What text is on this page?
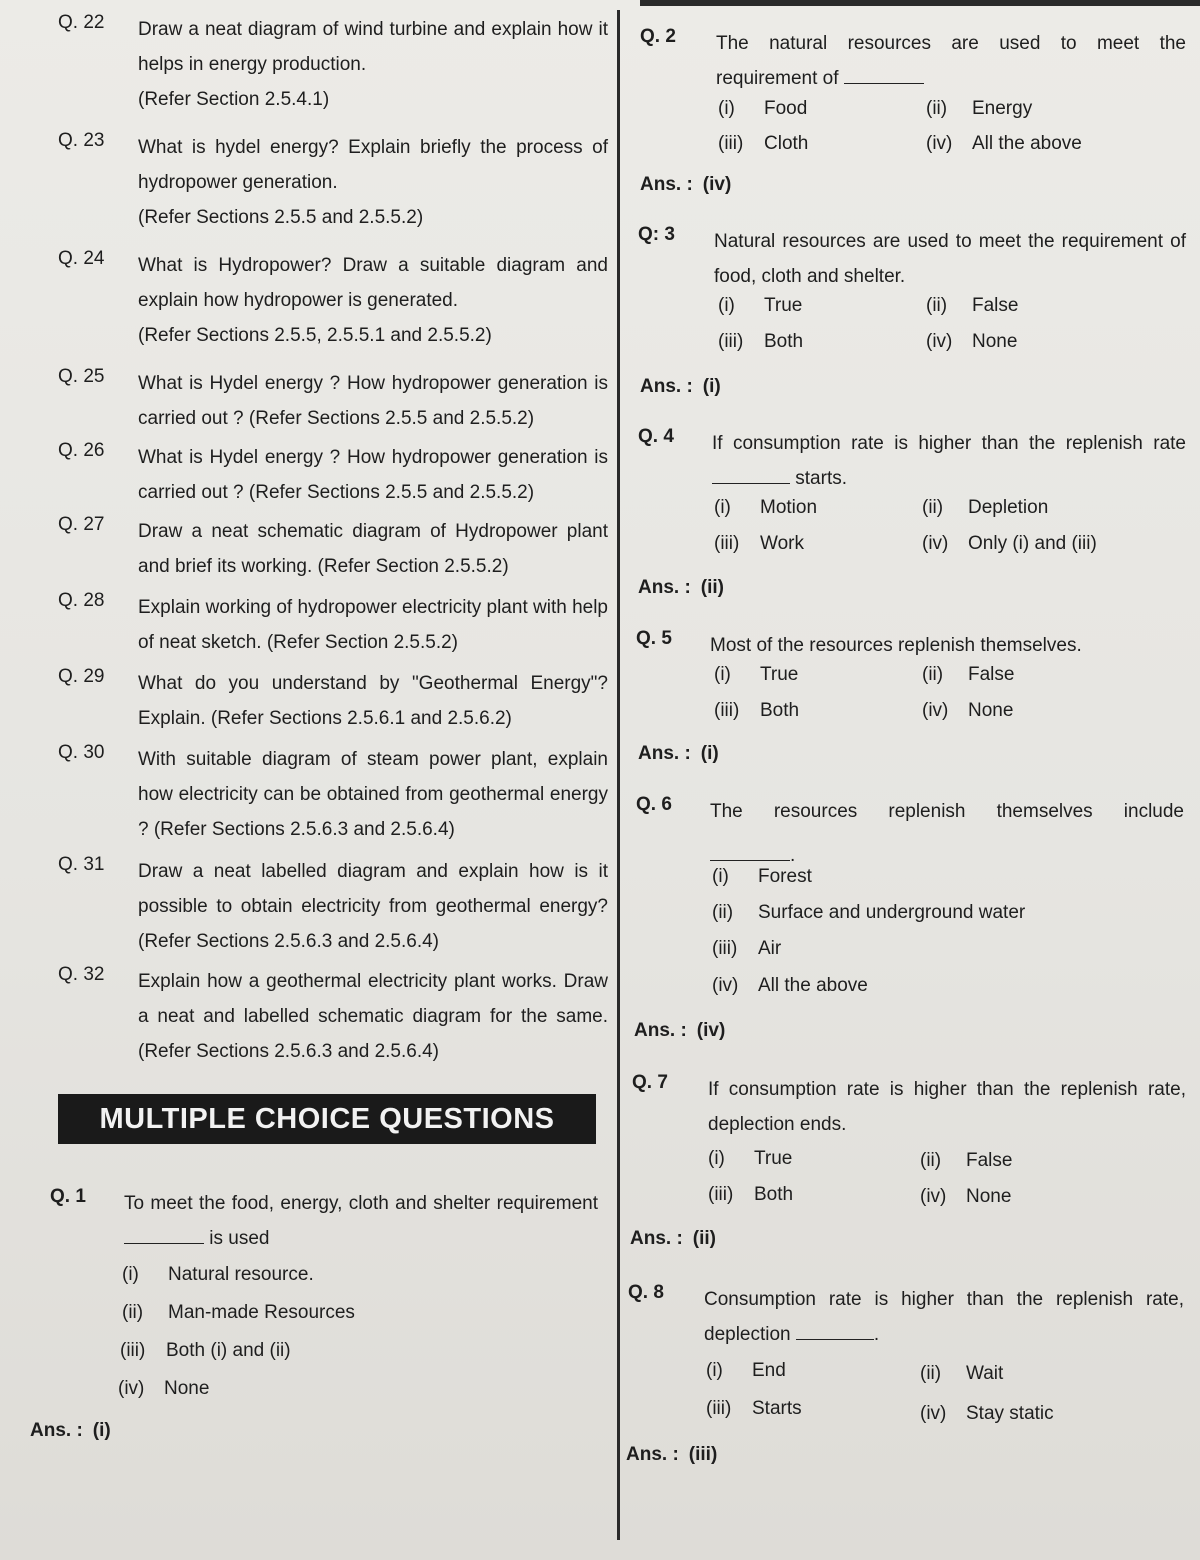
Q. 22	Draw a neat diagram of wind turbine and explain how it helps in energy production.

(Refer Section 2.5.4.1)

Q. 23	What is hydel energy? Explain briefly the process of hydropower generation.

(Refer Sections 2.5.5 and 2.5.5.2)

Q. 24	What is Hydropower? Draw a suitable diagram and explain how hydropower is generated.

(Refer Sections 2.5.5, 2.5.5.1 and 2.5.5.2)

Q. 25	What is Hydel energy ? How hydropower generation is carried out ? (Refer Sections 2.5.5 and 2.5.5.2)

Q. 26	What is Hydel energy ? How hydropower generation is carried out ? (Refer Sections 2.5.5 and 2.5.5.2)

Q. 27	Draw a neat schematic diagram of Hydropower plant and brief its working. (Refer Section 2.5.5.2)

Q. 28	Explain working of hydropower electricity plant with help of neat sketch. (Refer Section 2.5.5.2)

Q. 29	What do you understand by "Geothermal Energy"? Explain. (Refer Sections 2.5.6.1 and 2.5.6.2)

Q. 30	With suitable diagram of steam power plant, explain how electricity can be obtained from geothermal energy ? (Refer Sections 2.5.6.3 and 2.5.6.4)

Q. 31	Draw a neat labelled diagram and explain how is it possible to obtain electricity from geothermal energy? (Refer Sections 2.5.6.3 and 2.5.6.4)

Q. 32	Explain how a geothermal electricity plant works. Draw a neat and labelled schematic diagram for the same. (Refer Sections 2.5.6.3 and 2.5.6.4)

MULTIPLE CHOICE QUESTIONS
Q. 1	To meet the food, energy, cloth and shelter requirement  is used
(i) Natural resource.
(ii) Man-made Resources
(iii) Both (i) and (ii)
(iv) None
Ans. : (i)
Q. 2	The natural resources are used to meet the requirement of
(i) Food	(ii) Energy
(iii) Cloth	(iv) All the above
Ans. : (iv)
Q: 3	Natural resources are used to meet the requirement of food, cloth and shelter.
(i) True	(ii) False
(iii) Both	(iv) None
Ans. : (i)
Q. 4	If consumption rate is higher than the replenish rate  starts.
(i) Motion	(ii) Depletion
(iii) Work	(iv) Only (i) and (iii)
Ans. : (ii)
Q. 5	Most of the resources replenish themselves.
(i) True	(ii) False
(iii) Both	(iv) None
Ans. : (i)
Q. 6	The resources replenish themselves include
.
(i) Forest
(ii) Surface and underground water
(iii) Air
(iv) All the above
Ans. : (iv)
Q. 7	If consumption rate is higher than the replenish rate, deplection ends.
(i) True	(ii) False
(iii) Both	(iv) None
Ans. : (ii)
Q. 8	Consumption rate is higher than the replenish rate, deplection	.
(i) End	(ii) Wait
(iii) Starts	(iv) Stay static
Ans. : (iii)
